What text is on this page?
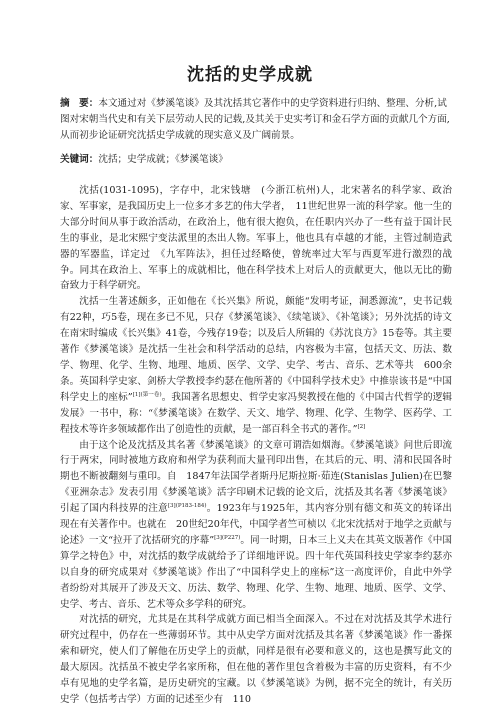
沈括的史学成就
摘　要：本文通过对《梦溪笔谈》及其沈括其它著作中的史学资料进行归纳、整理、分析,试图对宋朝当代史和有关下层劳动人民的记载,及其关于史实考订和金石学方面的贡献几个方面,从而初步论证研究沈括史学成就的现实意义及广阔前景。
关键词：沈括；史学成就；《梦溪笔谈》

沈括(1031-1095)，字存中，北宋钱塘　(今浙江杭州)人，北宋著名的科学家、政治家、军事家，是我国历史上一位多才多艺的伟大学者，　11世纪世界一流的科学家。他一生的大部分时间从事于政治活动，在政治上，他有很大抱负，在任职内兴办了一些有益于国计民生的事业，是北宋熙宁变法派里的杰出人物。军事上，他也具有卓越的才能，主管过制造武器的军器监，详定过　《九军阵法》，担任过经略使，曾统率过大军与西夏军进行激烈的战争。同其在政治上、军事上的成就相比，他在科学技术上对后人的贡献更大，他以无比的勤奋致力于科学研究。

沈括一生著述颇多，正如他在《长兴集》所说，颇能“发明考证，洞悉源流”，史书记载有22种，巧5卷，现在多已不见，只存《梦溪笔谈》、《续笔谈》、《补笔谈》；另外沈括的诗文在南宋时编成《长兴集》41卷，今残存19卷；以及后人所辑的《苏沈良方》15卷等。其主要著作《梦溪笔谈》是沈括一生社会和科学活动的总结，内容极为丰富，包括天文、历法、数学、物理、化学、生物、地理、地质、医学、文学、史学、考古、音乐、艺术等共　600余条。英国科学史家、剑桥大学教授李约瑟在他所著的《中国科学技术史》中推崇该书是“中国科学史上的座标”$^{[1](第一卷)}$。我国著名思想史、哲学史家冯契教授在他的《中国古代哲学的逻辑发展》一书中，称：“《梦溪笔谈》在数学、天文、地学、物理、化学、生物学、医药学、工程技术等许多领域都作出了创造性的贡献，是一部百科全书式的著作。”[2]

由于这个论及沈括及其名著《梦溪笔谈》的文章可谓浩如烟海。《梦溪笔谈》问世后即流行于两宋，同时被地方政府和州学为获利而大量刊印出售，在其后的元、明、清和民国各时期也不断被翻刻与重印。自　1847年法国学者斯丹尼斯拉斯·茹连(Stanislas Julien)在巴黎《亚洲杂志》发表引用《梦溪笔谈》活字印刷术记载的论文后，沈括及其名著《梦溪笔谈》引起了国内科技界的注意$^{[3](P183-184)}$。1923年与1925年，其内容分别有德文和英文的转译出现在有关著作中。也就在　20世纪20年代，中国学者竺可桢以《北宋沈括对于地学之贡献与论述》一文“拉开了沈括研究的序幕”$^{[3](P227)}$。同一时期，日本三上义夫在其英文版著作《中国算学之特色》中，对沈括的数学成就给予了详细地评说。四十年代英国科技史学家李约瑟亦以自身的研究成果对《梦溪笔谈》作出了“中国科学史上的座标”这一高度评价，自此中外学者纷纷对其展开了涉及天文、历法、数学、物理、化学、生物、地理、地质、医学、文学、史学、考古、音乐、艺术等众多学科的研究。

对沈括的研究，尤其是在其科学成就方面已相当全面深入。不过在对沈括及其学术进行研究过程中，仍存在一些薄弱环节。其中从史学方面对沈括及其名著《梦溪笔谈》作一番探索和研究，使人们了解他在历史学上的贡献，同样是很有必要和意义的，这也是撰写此文的最大原因。沈括虽不被史学名家所称，但在他的著作里包含着极为丰富的历史资料，有不少卓有见地的史学名篇，是历史研究的宝藏。以《梦溪笔谈》为例，据不完全的统计，有关历史学（包括考古学）方面的记述至少有　110
